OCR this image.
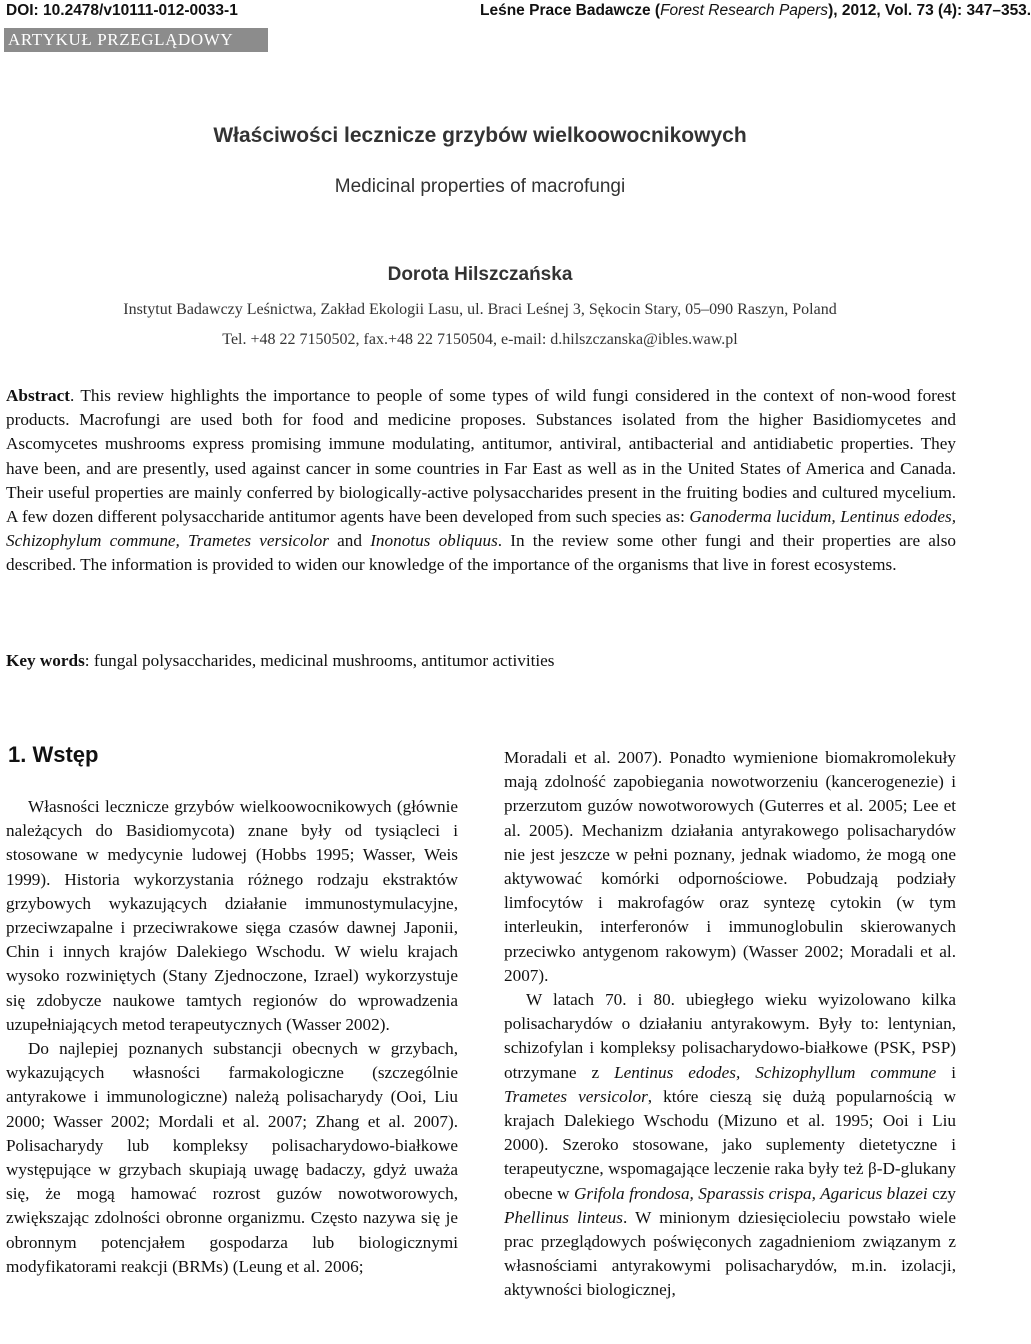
DOI: 10.2478/v10111-012-0033-1	Leśne Prace Badawcze (Forest Research Papers), 2012, Vol. 73 (4): 347–353.
ARTYKUŁ PRZEGLĄDOWY
Właściwości lecznicze grzybów wielkoowocnikowych
Medicinal properties of macrofungi
Dorota Hilszczańska
Instytut Badawczy Leśnictwa, Zakład Ekologii Lasu, ul. Braci Leśnej 3, Sękocin Stary, 05–090 Raszyn, Poland
Tel. +48 22 7150502, fax.+48 22 7150504, e-mail: d.hilszczanska@ibles.waw.pl
Abstract. This review highlights the importance to people of some types of wild fungi considered in the context of non-wood forest products. Macrofungi are used both for food and medicine proposes. Substances isolated from the higher Basidiomycetes and Ascomycetes mushrooms express promising immune modulating, antitumor, antiviral, antibacterial and antidiabetic properties. They have been, and are presently, used against cancer in some countries in Far East as well as in the United States of America and Canada. Their useful properties are mainly conferred by biologically-active polysaccharides present in the fruiting bodies and cultured mycelium. A few dozen different polysaccharide antitumor agents have been developed from such species as: Ganoderma lucidum, Lentinus edodes, Schizophylum commune, Trametes versicolor and Inonotus obliquus. In the review some other fungi and their properties are also described. The information is provided to widen our knowledge of the importance of the organisms that live in forest ecosystems.
Key words: fungal polysaccharides, medicinal mushrooms, antitumor activities
1. Wstęp

Własności lecznicze grzybów wielkoowocnikowych (głównie należących do Basidiomycota) znane były od tysiącleci i stosowane w medycynie ludowej (Hobbs 1995; Wasser, Weis 1999). Historia wykorzystania różnego rodzaju ekstraktów grzybowych wykazujących działanie immunostymulacyjne, przeciwzapalne i przeciwrakowe sięga czasów dawnej Japonii, Chin i innych krajów Dalekiego Wschodu. W wielu krajach wysoko rozwiniętych (Stany Zjednoczone, Izrael) wykorzystuje się zdobycze naukowe tamtych regionów do wprowadzenia uzupełniających metod terapeutycznych (Wasser 2002).

Do najlepiej poznanych substancji obecnych w grzybach, wykazujących własności farmakologiczne (szczególnie antyrakowe i immunologiczne) należą polisacharydy (Ooi, Liu 2000; Wasser 2002; Mordali et al. 2007; Zhang et al. 2007). Polisacharydy lub kompleksy polisacharydowo-białkowe występujące w grzybach skupiają uwagę badaczy, gdyż uważa się, że mogą hamować rozrost guzów nowotworowych, zwiększając zdolności obronne organizmu. Często nazywa się je obronnym potencjałem gospodarza lub biologicznymi modyfikatorami reakcji (BRMs) (Leung et al. 2006;

Moradali et al. 2007). Ponadto wymienione biomakromolekuły mają zdolność zapobiegania nowotworzeniu (kancerogenezie) i przerzutom guzów nowotworowych (Guterres et al. 2005; Lee et al. 2005). Mechanizm działania antyrakowego polisacharydów nie jest jeszcze w pełni poznany, jednak wiadomo, że mogą one aktywować komórki odpornościowe. Pobudzają podziały limfocytów i makrofagów oraz syntezę cytokin (w tym interleukin, interferonów i immunoglobulin skierowanych przeciwko antygenom rakowym) (Wasser 2002; Moradali et al. 2007).

W latach 70. i 80. ubiegłego wieku wyizolowano kilka polisacharydów o działaniu antyrakowym. Były to: lentynian, schizofylan i kompleksy polisacharydowo-białkowe (PSK, PSP) otrzymane z Lentinus edodes, Schizophyllum commune i Trametes versicolor, które cieszą się dużą popularnością w krajach Dalekiego Wschodu (Mizuno et al. 1995; Ooi i Liu 2000). Szeroko stosowane, jako suplementy dietetyczne i terapeutyczne, wspomagające leczenie raka były też β-D-glukany obecne w Grifola frondosa, Sparassis crispa, Agaricus blazei czy Phellinus linteus. W minionym dziesięcioleciu powstało wiele prac przeglądowych poświęconych zagadnieniom związanym z własnościami antyrakowymi polisacharydów, m.in. izolacji, aktywności biologicznej,
